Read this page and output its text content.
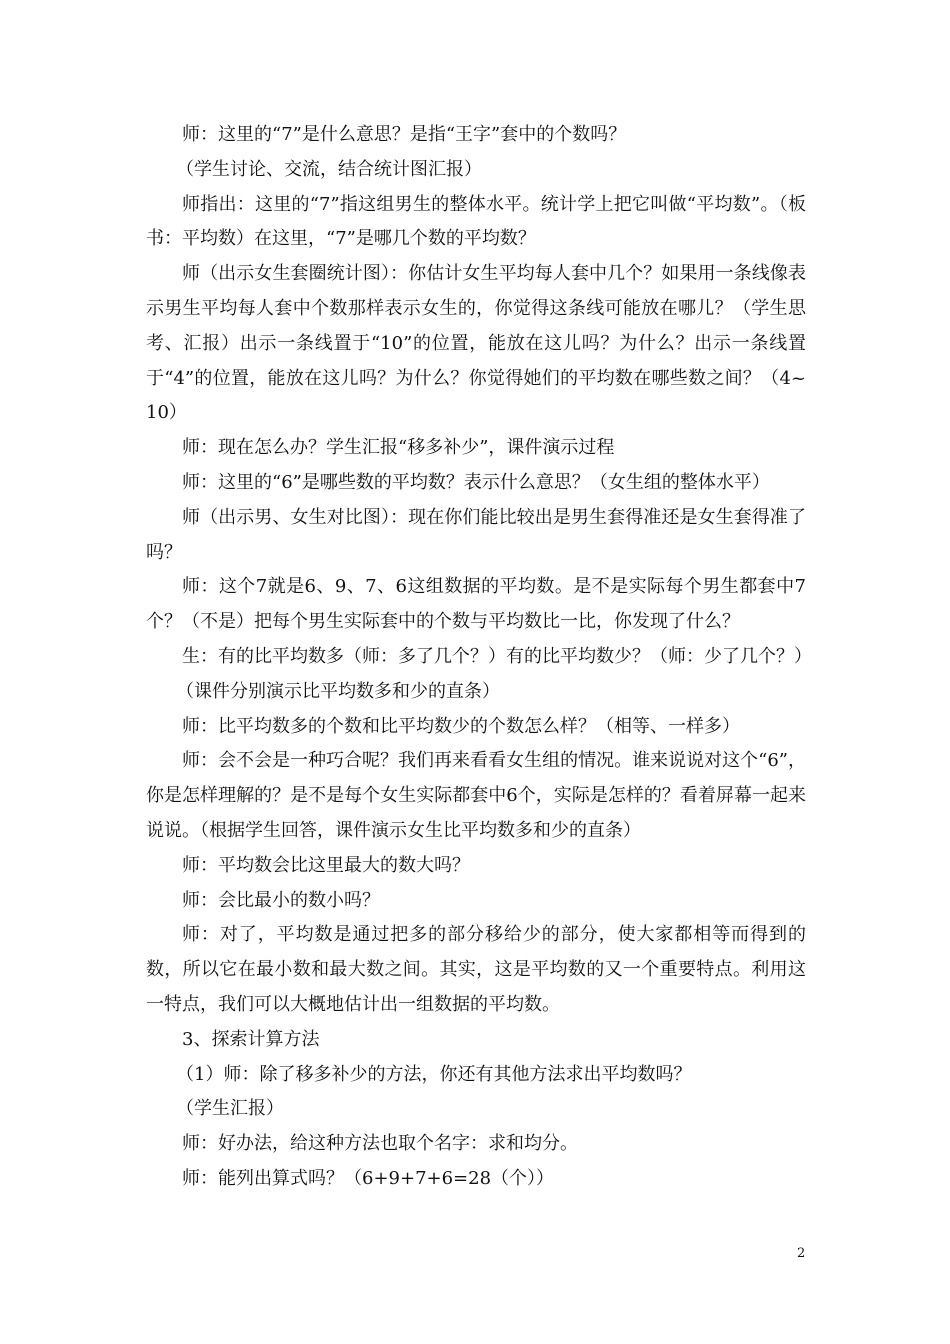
师：这里的“7”是什么意思？是指“王字”套中的个数吗？

（学生讨论、交流，结合统计图汇报）

师指出：这里的“7”指这组男生的整体水平。统计学上把它叫做“平均数”。（板书：平均数）在这里，“7”是哪几个数的平均数？

师（出示女生套圈统计图）：你估计女生平均每人套中几个？如果用一条线像表示男生平均每人套中个数那样表示女生的，你觉得这条线可能放在哪儿？（学生思考、汇报）出示一条线置于“10”的位置，能放在这儿吗？为什么？出示一条线置于“4”的位置，能放在这儿吗？为什么？你觉得她们的平均数在哪些数之间？（4~10）

师：现在怎么办？学生汇报“移多补少”，课件演示过程

师：这里的“6”是哪些数的平均数？表示什么意思？（女生组的整体水平）

师（出示男、女生对比图）：现在你们能比较出是男生套得准还是女生套得准了吗？

师：这个7就是6、9、7、6这组数据的平均数。是不是实际每个男生都套中7个？（不是）把每个男生实际套中的个数与平均数比一比，你发现了什么？

生：有的比平均数多（师：多了几个？）有的比平均数少？（师：少了几个？）

（课件分别演示比平均数多和少的直条）

师：比平均数多的个数和比平均数少的个数怎么样？（相等、一样多）

师：会不会是一种巧合呢？我们再来看看女生组的情况。谁来说说对这个“6”，你是怎样理解的？是不是每个女生实际都套中6个，实际是怎样的？看着屏幕一起来说说。（根据学生回答，课件演示女生比平均数多和少的直条）

师：平均数会比这里最大的数大吗？

师：会比最小的数小吗？

师：对了，平均数是通过把多的部分移给少的部分，使大家都相等而得到的数，所以它在最小数和最大数之间。其实，这是平均数的又一个重要特点。利用这一特点，我们可以大概地估计出一组数据的平均数。

3、探索计算方法

（1）师：除了移多补少的方法，你还有其他方法求出平均数吗？

（学生汇报）

师：好办法，给这种方法也取个名字：求和均分。

师：能列出算式吗？（6+9+7+6=28（个））

2
